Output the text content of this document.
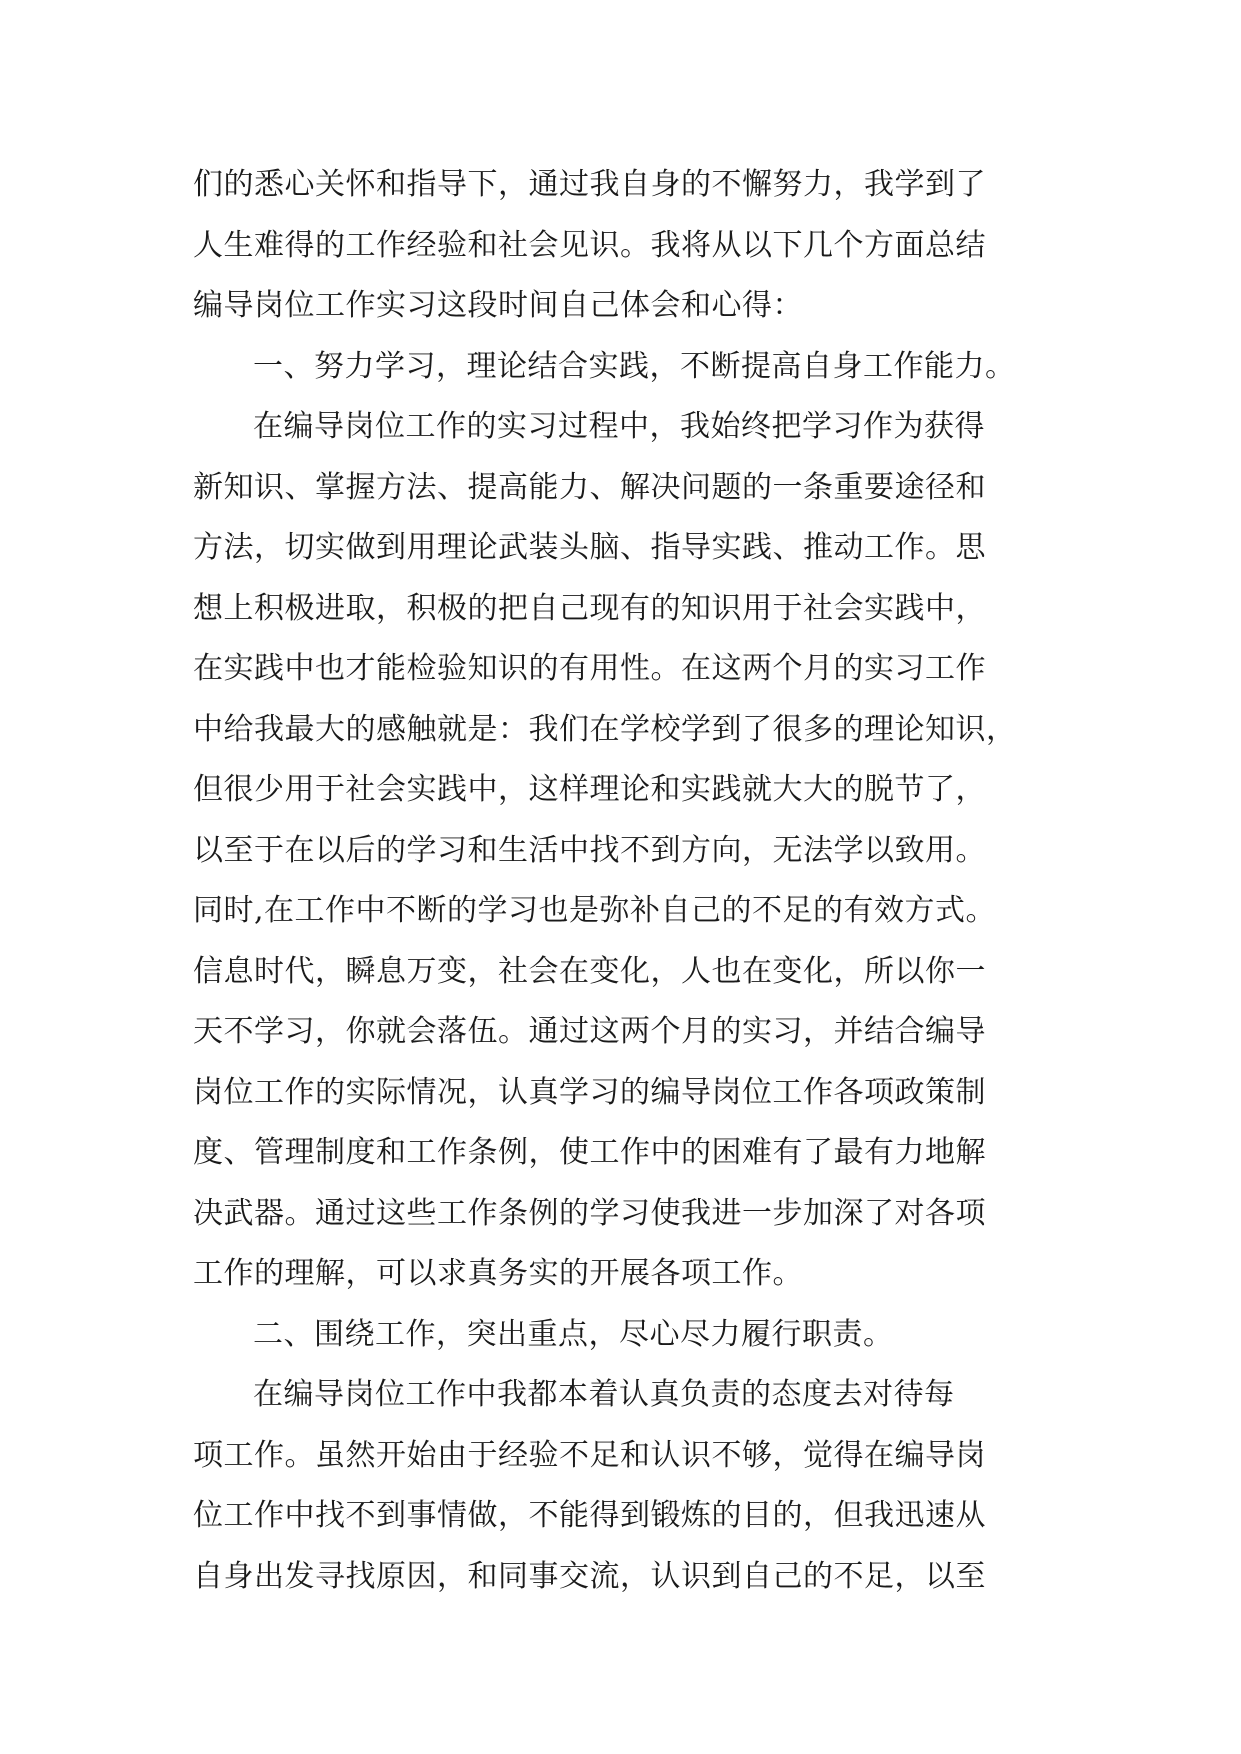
们的悉心关怀和指导下，通过我自身的不懈努力，我学到了
人生难得的工作经验和社会见识。我将从以下几个方面总结
编导岗位工作实习这段时间自己体会和心得：
一、努力学习，理论结合实践，不断提高自身工作能力。
在编导岗位工作的实习过程中，我始终把学习作为获得
新知识、掌握方法、提高能力、解决问题的一条重要途径和
方法，切实做到用理论武装头脑、指导实践、推动工作。思
想上积极进取，积极的把自己现有的知识用于社会实践中，
在实践中也才能检验知识的有用性。在这两个月的实习工作
中给我最大的感触就是：我们在学校学到了很多的理论知识，
但很少用于社会实践中，这样理论和实践就大大的脱节了，
以至于在以后的学习和生活中找不到方向，无法学以致用。
同时,在工作中不断的学习也是弥补自己的不足的有效方式。
信息时代，瞬息万变，社会在变化，人也在变化，所以你一
天不学习，你就会落伍。通过这两个月的实习，并结合编导
岗位工作的实际情况，认真学习的编导岗位工作各项政策制
度、管理制度和工作条例，使工作中的困难有了最有力地解
决武器。通过这些工作条例的学习使我进一步加深了对各项
工作的理解，可以求真务实的开展各项工作。
二、围绕工作，突出重点，尽心尽力履行职责。
在编导岗位工作中我都本着认真负责的态度去对待每
项工作。虽然开始由于经验不足和认识不够，觉得在编导岗
位工作中找不到事情做，不能得到锻炼的目的，但我迅速从
自身出发寻找原因，和同事交流，认识到自己的不足，以至
